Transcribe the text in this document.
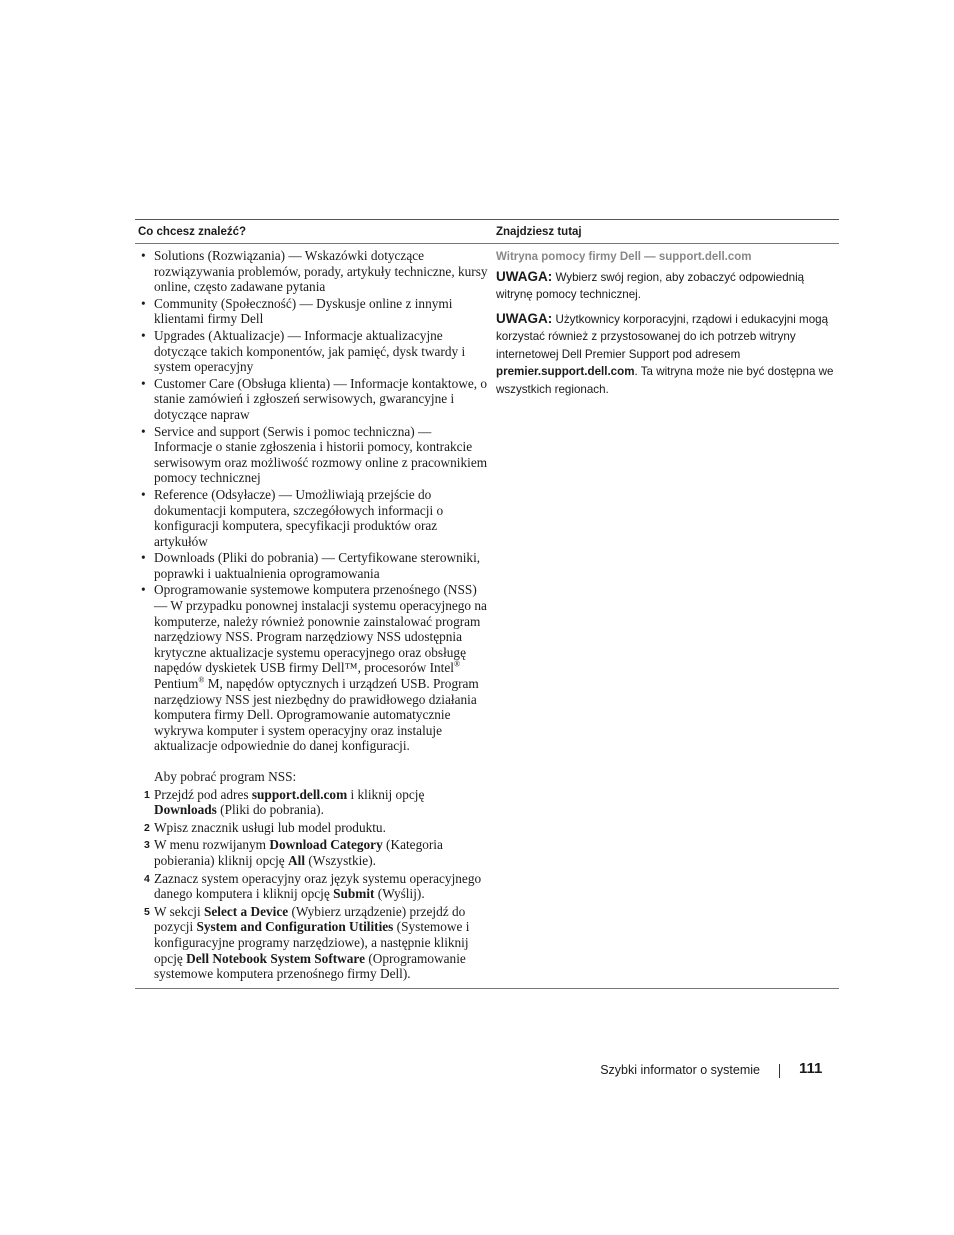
Co chcesz znaleźć?	Znajdziesz tutaj
• Solutions (Rozwiązania) — Wskazówki dotyczące rozwiązywania problemów, porady, artykuły techniczne, kursy online, często zadawane pytania
• Community (Społeczność) — Dyskusje online z innymi klientami firmy Dell
• Upgrades (Aktualizacje) — Informacje aktualizacyjne dotyczące takich komponentów, jak pamięć, dysk twardy i system operacyjny
• Customer Care (Obsługa klienta) — Informacje kontaktowe, o stanie zamówień i zgłoszeń serwisowych, gwarancyjne i dotyczące napraw
• Service and support (Serwis i pomoc techniczna) — Informacje o stanie zgłoszenia i historii pomocy, kontrakcie serwisowym oraz możliwość rozmowy online z pracownikiem pomocy technicznej
• Reference (Odsyłacze) — Umożliwiają przejście do dokumentacji komputera, szczegółowych informacji o konfiguracji komputera, specyfikacji produktów oraz artykułów
• Downloads (Pliki do pobrania) — Certyfikowane sterowniki, poprawki i uaktualnienia oprogramowania
• Oprogramowanie systemowe komputera przenośnego (NSS) — W przypadku ponownej instalacji systemu operacyjnego na komputerze, należy również ponownie zainstalować program narzędziowy NSS. Program narzędziowy NSS udostępnia krytyczne aktualizacje systemu operacyjnego oraz obsługę napędów dyskietek USB firmy Dell™, procesorów Intel® Pentium® M, napędów optycznych i urządzeń USB. Program narzędziowy NSS jest niezbędny do prawidłowego działania komputera firmy Dell. Oprogramowanie automatycznie wykrywa komputer i system operacyjny oraz instaluje aktualizacje odpowiednie do danej konfiguracji.
Aby pobrać program NSS:
1 Przejdź pod adres support.dell.com i kliknij opcję Downloads (Pliki do pobrania).
2 Wpisz znacznik usługi lub model produktu.
3 W menu rozwijanym Download Category (Kategoria pobierania) kliknij opcję All (Wszystkie).
4 Zaznacz system operacyjny oraz język systemu operacyjnego danego komputera i kliknij opcję Submit (Wyślij).
5 W sekcji Select a Device (Wybierz urządzenie) przejdź do pozycji System and Configuration Utilities (Systemowe i konfiguracyjne programy narzędziowe), a następnie kliknij opcję Dell Notebook System Software (Oprogramowanie systemowe komputera przenośnego firmy Dell).
Witryna pomocy firmy Dell — support.dell.com
UWAGA: Wybierz swój region, aby zobaczyć odpowiednią witrynę pomocy technicznej.
UWAGA: Użytkownicy korporacyjni, rządowi i edukacyjni mogą korzystać również z przystosowanej do ich potrzeb witryny internetowej Dell Premier Support pod adresem premier.support.dell.com. Ta witryna może nie być dostępna we wszystkich regionach.
Szybki informator o systemie	111
